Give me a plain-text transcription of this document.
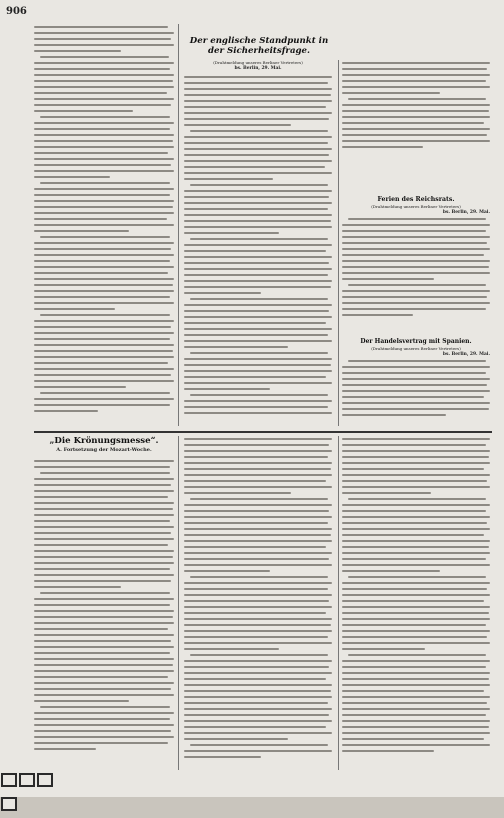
906
Der englische Standpunkt in der Sicherheitsfrage.
(Drahtmeldung unseres Berliner Vertreters)
bs. Berlin, 29. Mai.
Ferien des Reichsrats.
(Drahtmeldung unseres Berliner Vertreters)
bs. Berlin, 29. Mai.
Der Handelsvertrag mit Spanien.
(Drahtmeldung unseres Berliner Vertreters)
bs. Berlin, 29. Mai.
„Die Krönungsmesse“.
A. Fortsetzung der Mozart-Woche.
